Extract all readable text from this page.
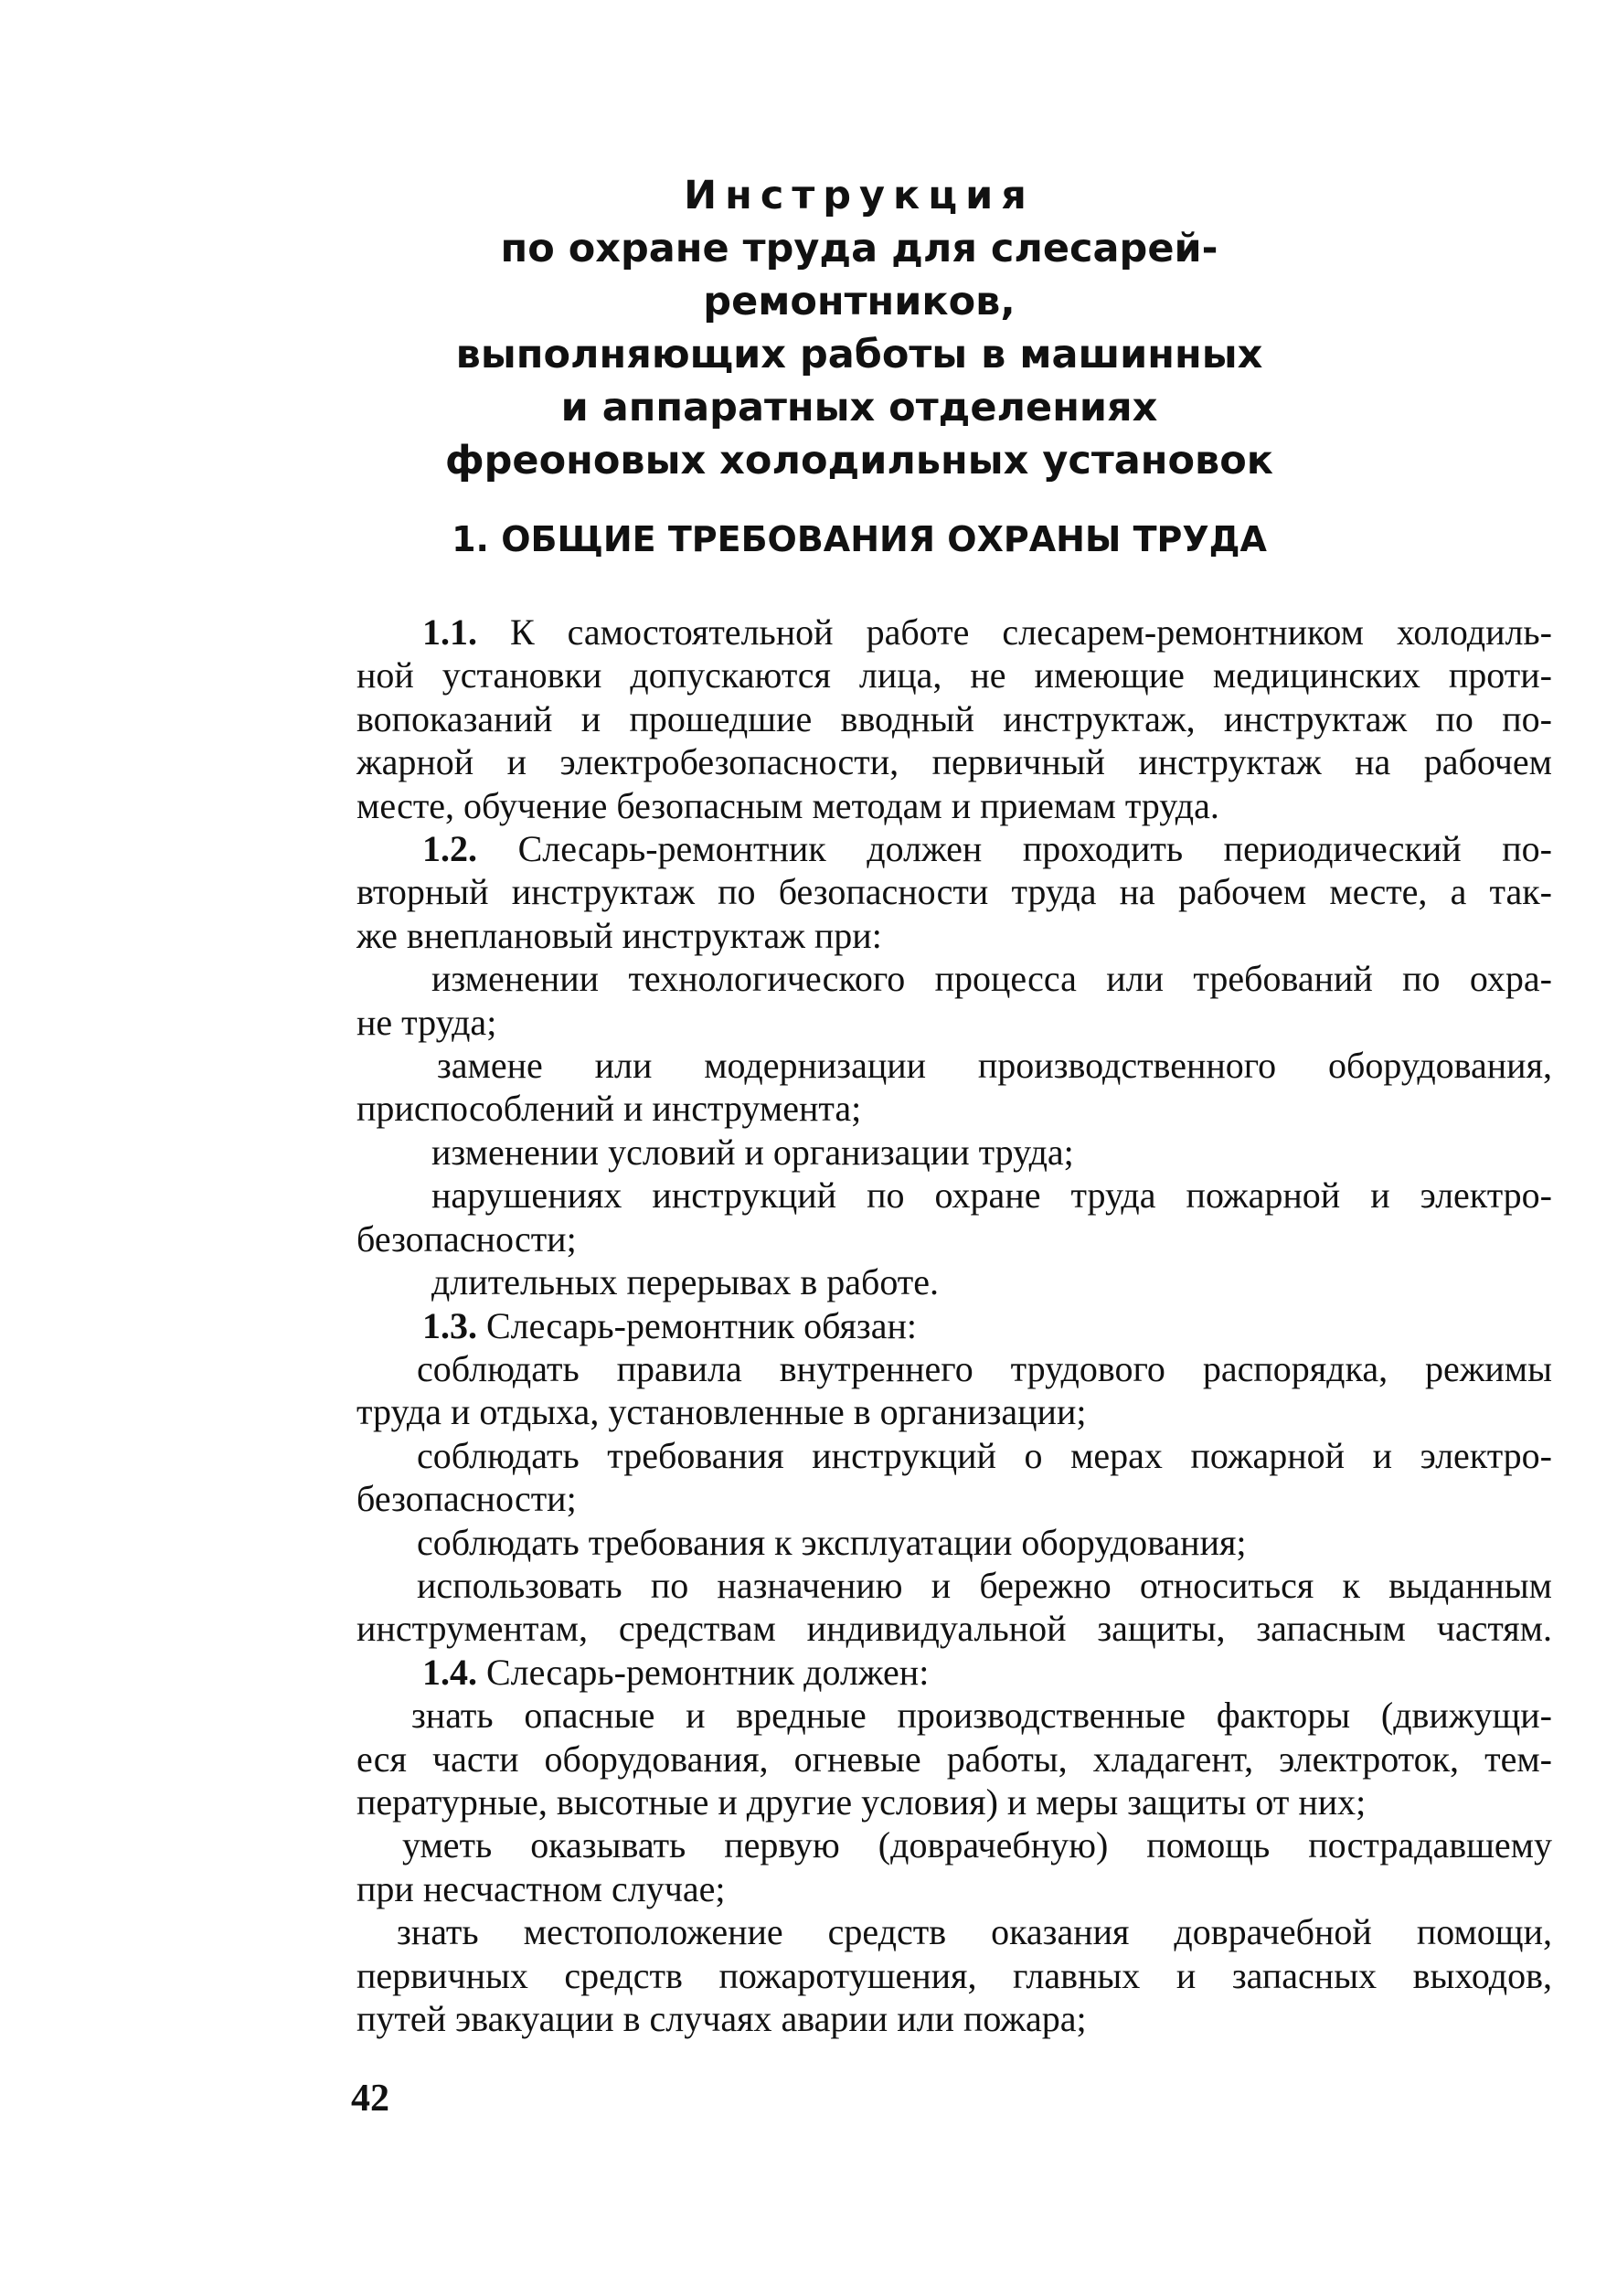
Инструкция
по охране труда для слесарей-ремонтников,
выполняющих работы в машинных
и аппаратных отделениях
фреоновых холодильных установок
1. ОБЩИЕ ТРЕБОВАНИЯ ОХРАНЫ ТРУДА
1.1. К самостоятельной работе слесарем-ремонтником холодиль-
ной установки допускаются лица, не имеющие медицинских проти-
вопоказаний и прошедшие вводный инструктаж, инструктаж по по-
жарной и электробезопасности, первичный инструктаж на рабочем
месте, обучение безопасным методам и приемам труда.
1.2. Слесарь-ремонтник должен проходить периодический по-
вторный инструктаж по безопасности труда на рабочем месте, а так-
же внеплановый инструктаж при:
изменении технологического процесса или требований по охра-
не труда;
замене или модернизации производственного оборудования,
приспособлений и инструмента;
изменении условий и организации труда;
нарушениях инструкций по охране труда пожарной и электро-
безопасности;
длительных перерывах в работе.
1.3. Слесарь-ремонтник обязан:
соблюдать правила внутреннего трудового распорядка, режимы
труда и отдыха, установленные в организации;
соблюдать требования инструкций о мерах пожарной и электро-
безопасности;
соблюдать требования к эксплуатации оборудования;
использовать по назначению и бережно относиться к выданным
инструментам, средствам индивидуальной защиты, запасным частям.
1.4. Слесарь-ремонтник должен:
знать опасные и вредные производственные факторы (движущи-
еся части оборудования, огневые работы, хладагент, электроток, тем-
пературные, высотные и другие условия) и меры защиты от них;
уметь оказывать первую (доврачебную) помощь пострадавшему
при несчастном случае;
знать местоположение средств оказания доврачебной помощи,
первичных средств пожаротушения, главных и запасных выходов,
путей эвакуации в случаях аварии или пожара;
42
